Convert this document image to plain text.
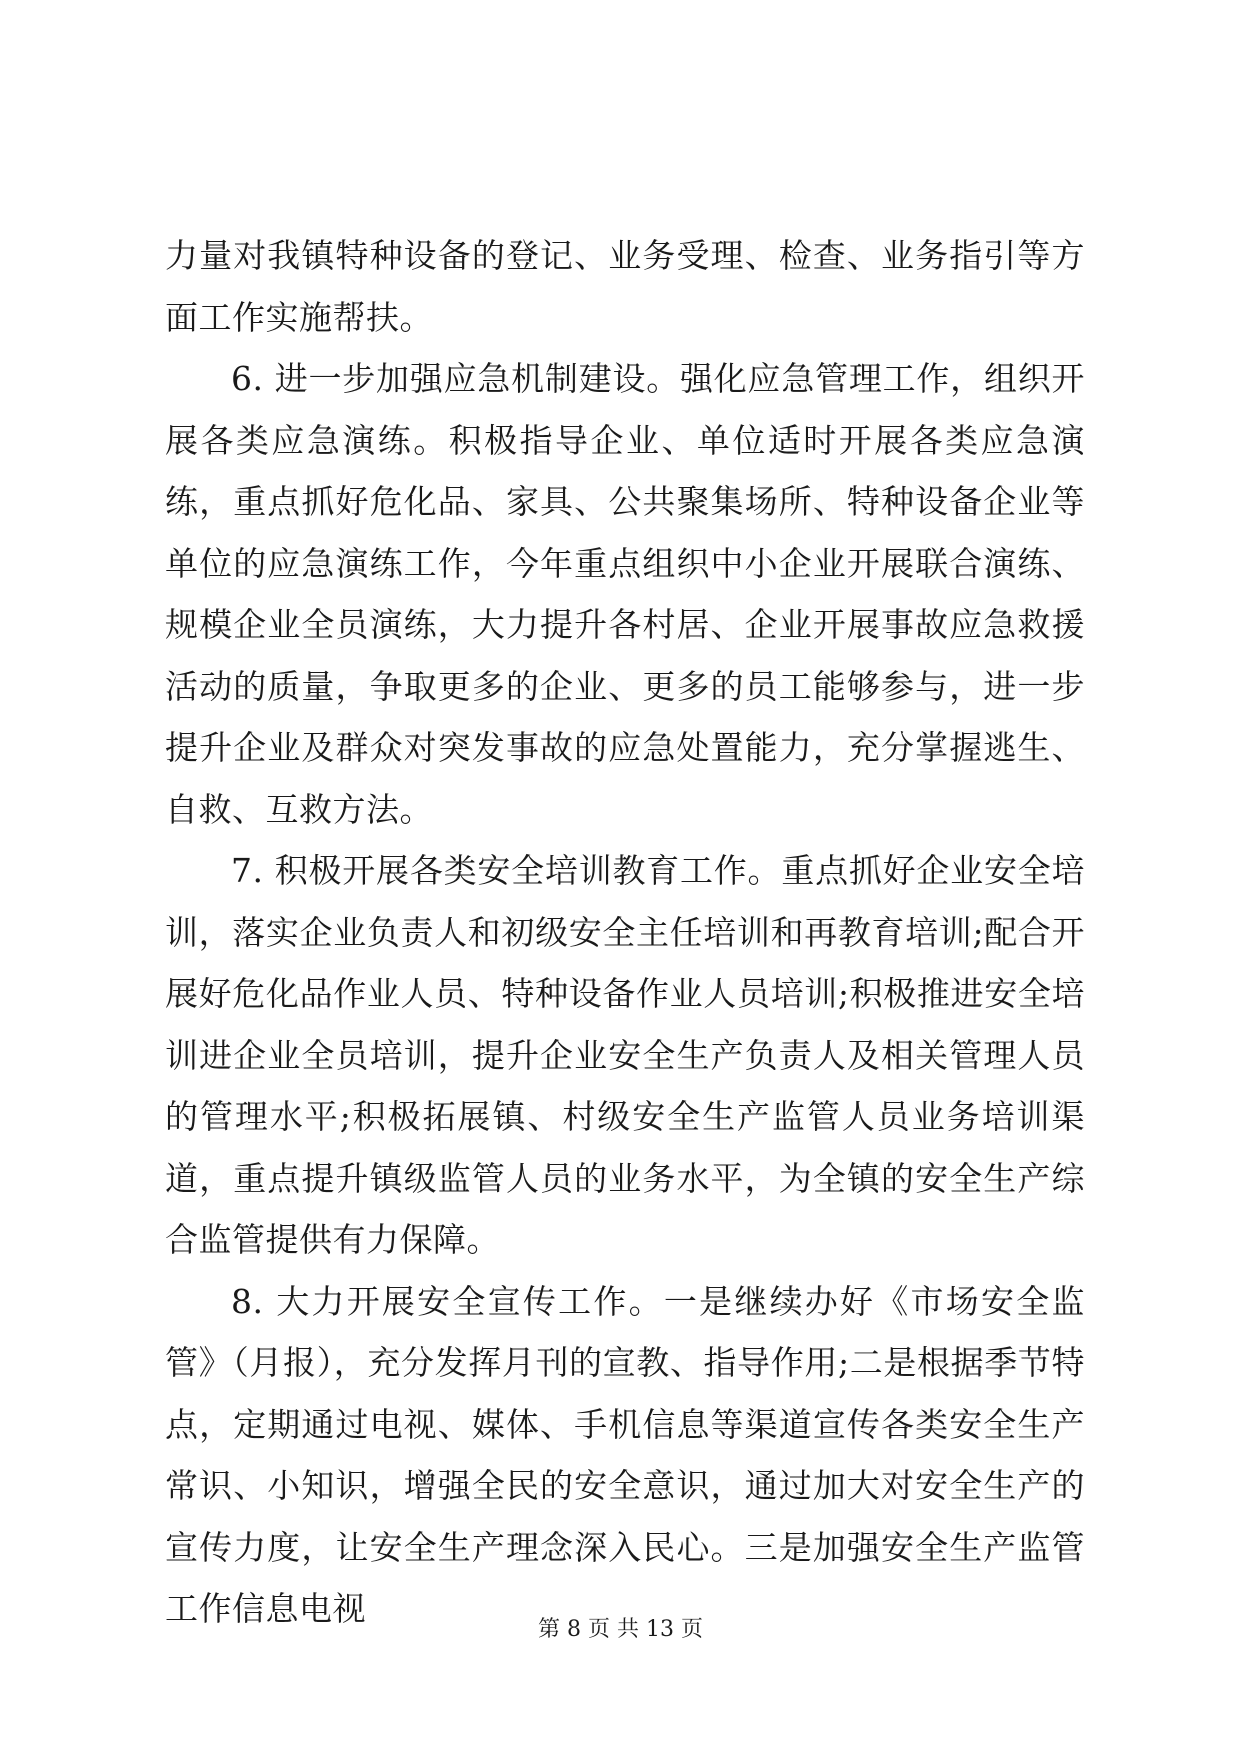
力量对我镇特种设备的登记、业务受理、检查、业务指引等方面工作实施帮扶。

6. 进一步加强应急机制建设。强化应急管理工作，组织开展各类应急演练。积极指导企业、单位适时开展各类应急演练，重点抓好危化品、家具、公共聚集场所、特种设备企业等单位的应急演练工作，今年重点组织中小企业开展联合演练、规模企业全员演练，大力提升各村居、企业开展事故应急救援活动的质量，争取更多的企业、更多的员工能够参与，进一步提升企业及群众对突发事故的应急处置能力，充分掌握逃生、自救、互救方法。

7. 积极开展各类安全培训教育工作。重点抓好企业安全培训，落实企业负责人和初级安全主任培训和再教育培训;配合开展好危化品作业人员、特种设备作业人员培训;积极推进安全培训进企业全员培训，提升企业安全生产负责人及相关管理人员的管理水平;积极拓展镇、村级安全生产监管人员业务培训渠道，重点提升镇级监管人员的业务水平，为全镇的安全生产综合监管提供有力保障。

8. 大力开展安全宣传工作。一是继续办好《市场安全监管》（月报），充分发挥月刊的宣教、指导作用;二是根据季节特点，定期通过电视、媒体、手机信息等渠道宣传各类安全生产常识、小知识，增强全民的安全意识，通过加大对安全生产的宣传力度，让安全生产理念深入民心。三是加强安全生产监管工作信息电视

第 8 页 共 13 页
